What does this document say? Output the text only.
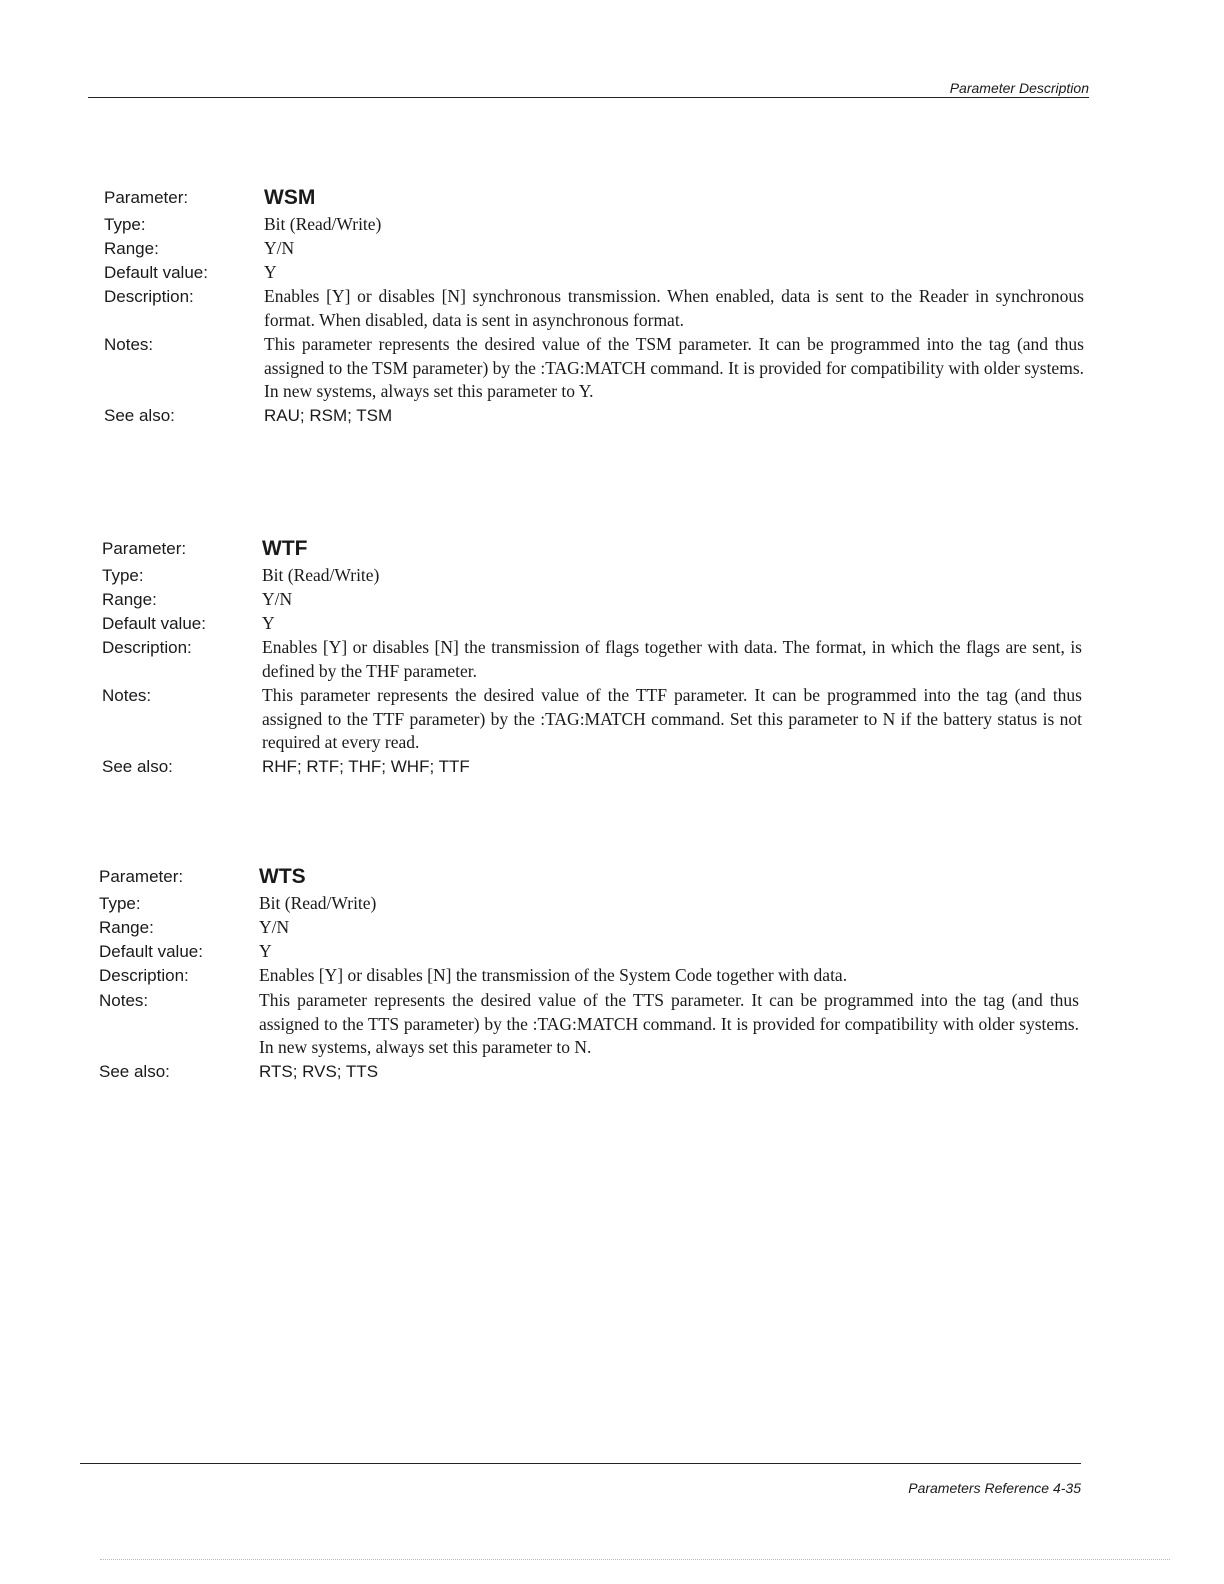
Parameter Description
Parameter:	WSM
Type:	Bit (Read/Write)
Range:	Y/N
Default value:	Y
Description:	Enables [Y] or disables [N] synchronous transmission. When enabled, data is sent to the Reader in synchronous format. When disabled, data is sent in asynchronous format.
Notes:	This parameter represents the desired value of the TSM parameter. It can be programmed into the tag (and thus assigned to the TSM parameter) by the :TAG:MATCH command. It is provided for compatibility with older systems. In new systems, always set this parameter to Y.
See also:	RAU; RSM; TSM
Parameter:	WTF
Type:	Bit (Read/Write)
Range:	Y/N
Default value:	Y
Description:	Enables [Y] or disables [N] the transmission of flags together with data. The format, in which the flags are sent, is defined by the THF parameter.
Notes:	This parameter represents the desired value of the TTF parameter. It can be programmed into the tag (and thus assigned to the TTF parameter) by the :TAG:MATCH command. Set this parameter to N if the battery status is not required at every read.
See also:	RHF; RTF; THF; WHF; TTF
Parameter:	WTS
Type:	Bit (Read/Write)
Range:	Y/N
Default value:	Y
Description:	Enables [Y] or disables [N] the transmission of the System Code together with data.
Notes:	This parameter represents the desired value of the TTS parameter. It can be programmed into the tag (and thus assigned to the TTS parameter) by the :TAG:MATCH command. It is provided for compatibility with older systems. In new systems, always set this parameter to N.
See also:	RTS; RVS; TTS
Parameters Reference 4-35
